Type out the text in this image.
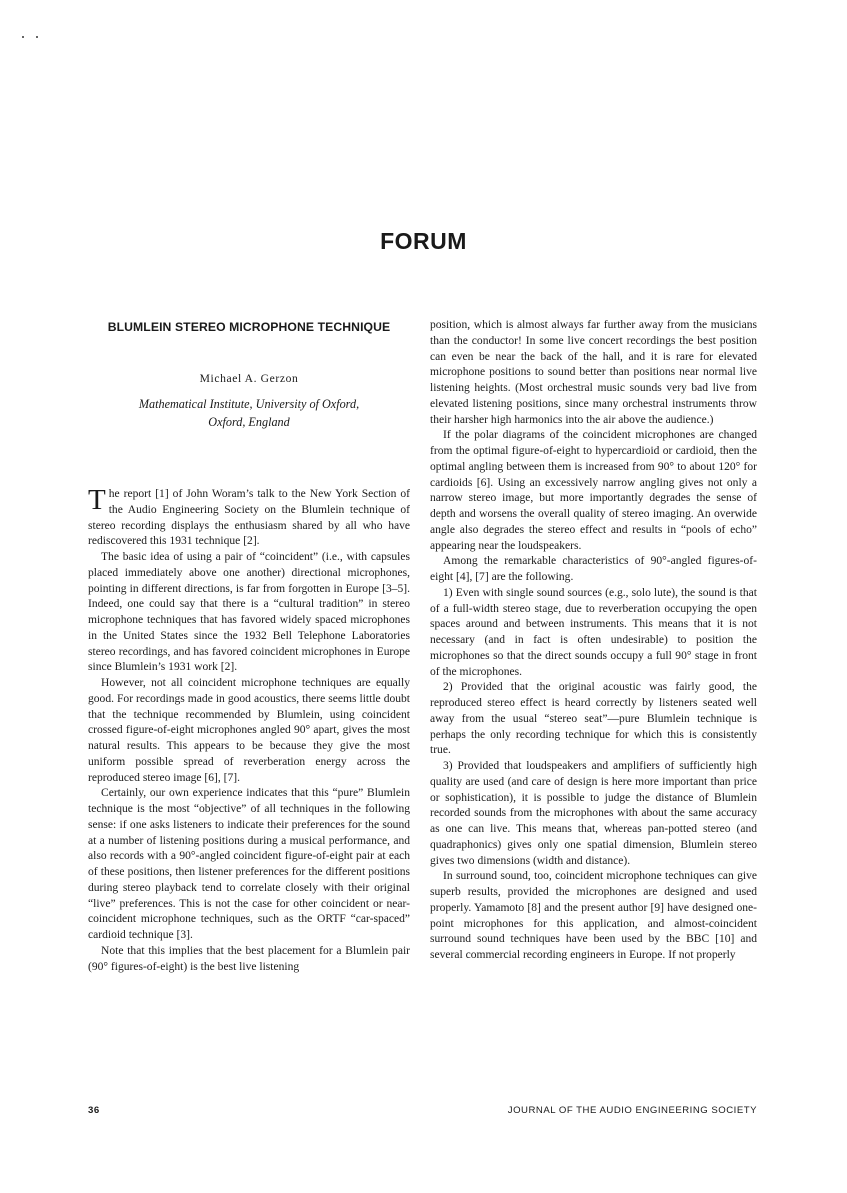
FORUM
BLUMLEIN STEREO MICROPHONE TECHNIQUE
Michael A. Gerzon
Mathematical Institute, University of Oxford,
Oxford, England

The report [1] of John Woram’s talk to the New York Section of the Audio Engineering Society on the Blumlein technique of stereo recording displays the enthusiasm shared by all who have rediscovered this 1931 technique [2].

The basic idea of using a pair of “coincident” (i.e., with capsules placed immediately above one another) directional microphones, pointing in different directions, is far from forgotten in Europe [3–5]. Indeed, one could say that there is a “cultural tradition” in stereo microphone techniques that has favored widely spaced microphones in the United States since the 1932 Bell Telephone Laboratories stereo recordings, and has favored coincident microphones in Europe since Blumlein’s 1931 work [2].

However, not all coincident microphone techniques are equally good. For recordings made in good acoustics, there seems little doubt that the technique recommended by Blumlein, using coincident crossed figure-of-eight microphones angled 90° apart, gives the most natural results. This appears to be because they give the most uniform possible spread of reverberation energy across the reproduced stereo image [6], [7].

Certainly, our own experience indicates that this “pure” Blumlein technique is the most “objective” of all techniques in the following sense: if one asks listeners to indicate their preferences for the sound at a number of listening positions during a musical performance, and also records with a 90°-angled coincident figure-of-eight pair at each of these positions, then listener preferences for the different positions during stereo playback tend to correlate closely with their original “live” preferences. This is not the case for other coincident or near-coincident microphone techniques, such as the ORTF “car-spaced” cardioid technique [3].

Note that this implies that the best placement for a Blumlein pair (90° figures-of-eight) is the best live listening

position, which is almost always far further away from the musicians than the conductor! In some live concert recordings the best position can even be near the back of the hall, and it is rare for elevated microphone positions to sound better than positions near normal live listening heights. (Most orchestral music sounds very bad live from elevated listening positions, since many orchestral instruments throw their harsher high harmonics into the air above the audience.)

If the polar diagrams of the coincident microphones are changed from the optimal figure-of-eight to hypercardioid or cardioid, then the optimal angling between them is increased from 90° to about 120° for cardioids [6]. Using an excessively narrow angling gives not only a narrow stereo image, but more importantly degrades the sense of depth and worsens the overall quality of stereo imaging. An overwide angle also degrades the stereo effect and results in “pools of echo” appearing near the loudspeakers.

Among the remarkable characteristics of 90°-angled figures-of-eight [4], [7] are the following.

1) Even with single sound sources (e.g., solo lute), the sound is that of a full-width stereo stage, due to reverberation occupying the open spaces around and between instruments. This means that it is not necessary (and in fact is often undesirable) to position the microphones so that the direct sounds occupy a full 90° stage in front of the microphones.

2) Provided that the original acoustic was fairly good, the reproduced stereo effect is heard correctly by listeners seated well away from the usual “stereo seat”—pure Blumlein technique is perhaps the only recording technique for which this is consistently true.

3) Provided that loudspeakers and amplifiers of sufficiently high quality are used (and care of design is here more important than price or sophistication), it is possible to judge the distance of Blumlein recorded sounds from the microphones with about the same accuracy as one can live. This means that, whereas pan-potted stereo (and quadraphonics) gives only one spatial dimension, Blumlein stereo gives two dimensions (width and distance).

In surround sound, too, coincident microphone techniques can give superb results, provided the microphones are designed and used properly. Yamamoto [8] and the present author [9] have designed one-point microphones for this application, and almost-coincident surround sound techniques have been used by the BBC [10] and several commercial recording engineers in Europe. If not properly

36	JOURNAL OF THE AUDIO ENGINEERING SOCIETY
